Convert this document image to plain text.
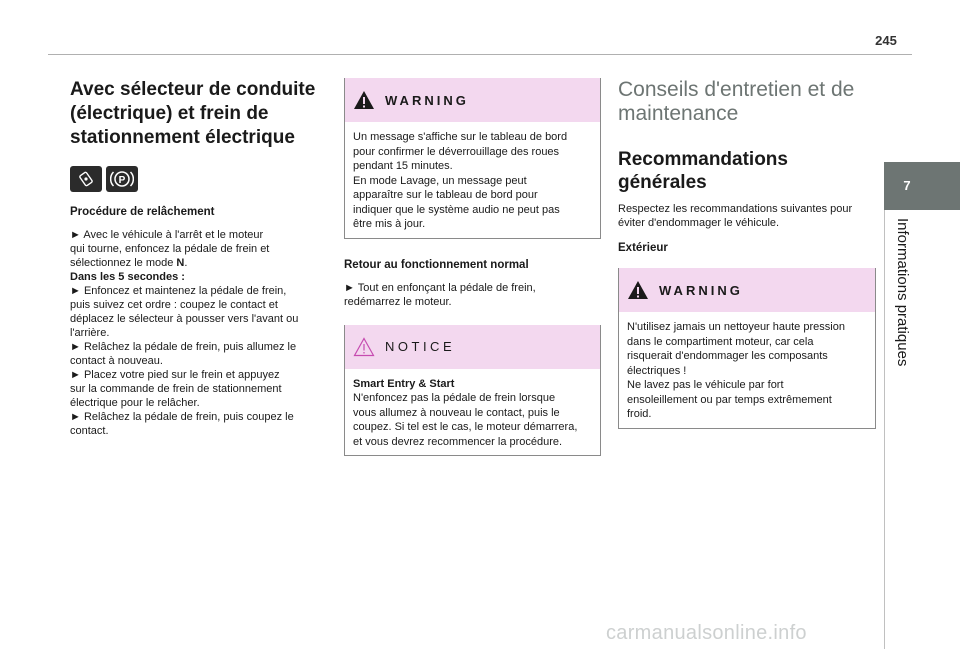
245
7
Informations pratiques
Avec sélecteur de conduite
(électrique) et frein de
stationnement électrique
P
Procédure de relâchement

► Avec le véhicule à l'arrêt et le moteur

qui tourne, enfoncez la pédale de frein et

sélectionnez le mode N.

Dans les 5 secondes :

► Enfoncez et maintenez la pédale de frein,

puis suivez cet ordre : coupez le contact et

déplacez le sélecteur à pousser vers l'avant ou

l'arrière.

► Relâchez la pédale de frein, puis allumez le

contact à nouveau.

► Placez votre pied sur le frein et appuyez

sur la commande de frein de stationnement

électrique pour le relâcher.

► Relâchez la pédale de frein, puis coupez le

contact.

WARNING

Un message s'affiche sur le tableau de bord

pour confirmer le déverrouillage des roues

pendant 15 minutes.

En mode Lavage, un message peut

apparaître sur le tableau de bord pour

indiquer que le système audio ne peut pas

être mis à jour.

Retour au fonctionnement normal

► Tout en enfonçant la pédale de frein,

redémarrez le moteur.

NOTICE

Smart Entry & Start

N'enfoncez pas la pédale de frein lorsque

vous allumez à nouveau le contact, puis le

coupez. Si tel est le cas, le moteur démarrera,

et vous devrez recommencer la procédure.

Conseils d'entretien et de
maintenance
Recommandations
générales

Respectez les recommandations suivantes pour

éviter d'endommager le véhicule.

Extérieur
WARNING

N'utilisez jamais un nettoyeur haute pression

dans le compartiment moteur, car cela

risquerait d'endommager les composants

électriques !

Ne lavez pas le véhicule par fort

ensoleillement ou par temps extrêmement

froid.

carmanualsonline.info
